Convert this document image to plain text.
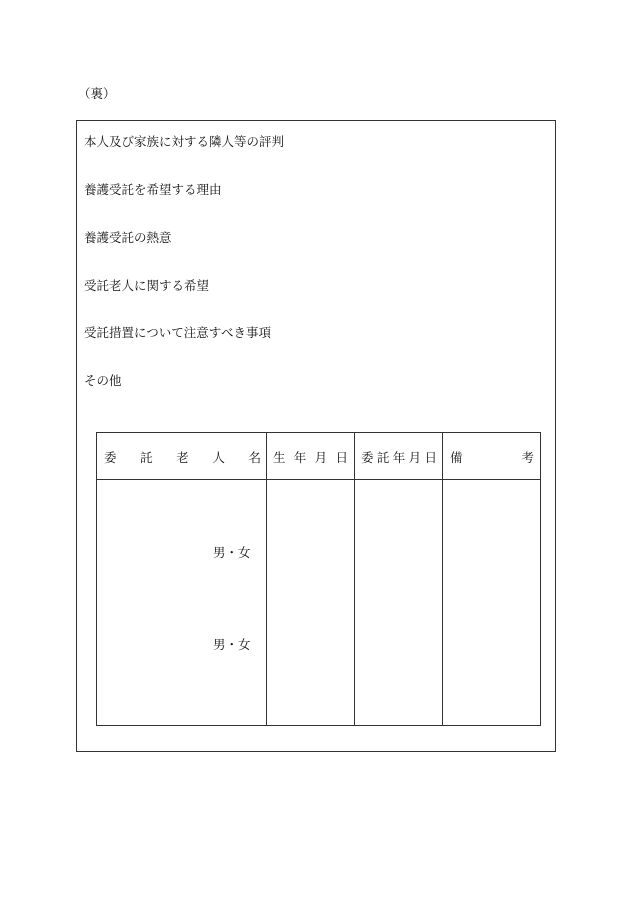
（裏）
本人及び家族に対する隣人等の評判
養護受託を希望する理由
養護受託の熱意
受託老人に関する希望
受託措置について注意すべき事項
その他
委 託 老 人 名 生 年 月 日 委 託 年 月 日 備	考
男・女
男・女
